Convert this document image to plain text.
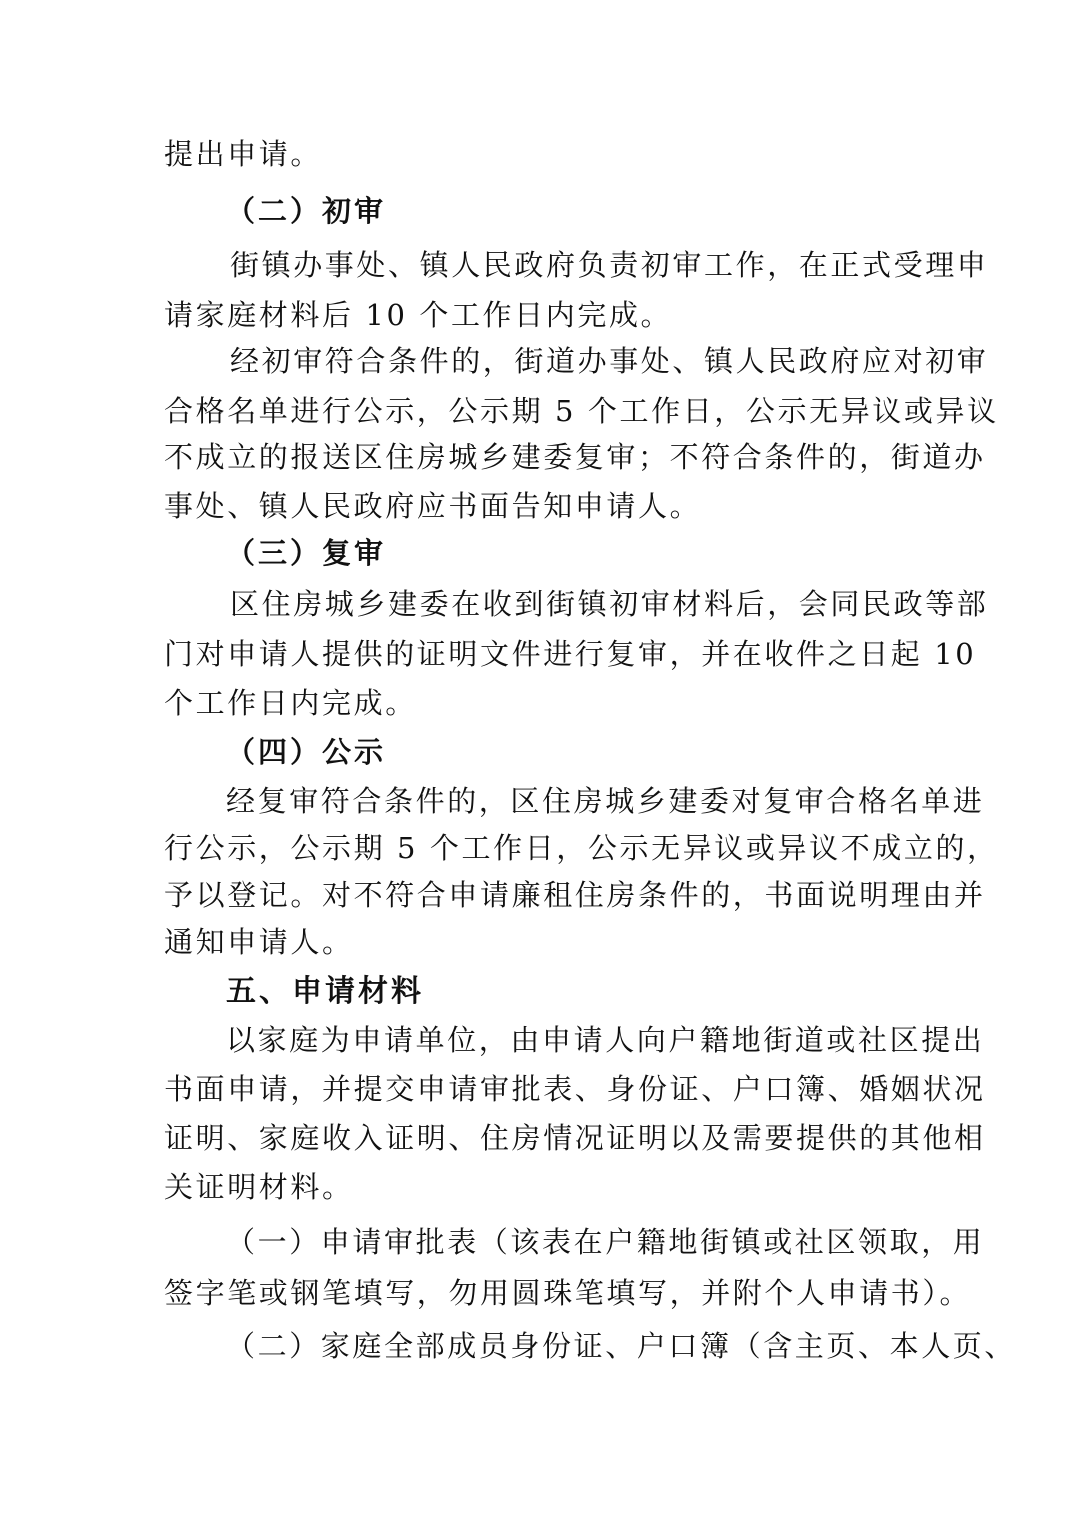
提出申请。
（二）初审
街镇办事处、镇人民政府负责初审工作，在正式受理申
请家庭材料后 10 个工作日内完成。
经初审符合条件的，街道办事处、镇人民政府应对初审
合格名单进行公示，公示期 5 个工作日，公示无异议或异议
不成立的报送区住房城乡建委复审；不符合条件的，街道办
事处、镇人民政府应书面告知申请人。
（三）复审
区住房城乡建委在收到街镇初审材料后，会同民政等部
门对申请人提供的证明文件进行复审，并在收件之日起 10
个工作日内完成。
（四）公示
经复审符合条件的，区住房城乡建委对复审合格名单进
行公示，公示期 5 个工作日，公示无异议或异议不成立的，
予以登记。对不符合申请廉租住房条件的，书面说明理由并
通知申请人。
五、申请材料
以家庭为申请单位，由申请人向户籍地街道或社区提出
书面申请，并提交申请审批表、身份证、户口簿、婚姻状况
证明、家庭收入证明、住房情况证明以及需要提供的其他相
关证明材料。
（一）申请审批表（该表在户籍地街镇或社区领取，用
签字笔或钢笔填写，勿用圆珠笔填写，并附个人申请书）。
（二）家庭全部成员身份证、户口簿（含主页、本人页、
